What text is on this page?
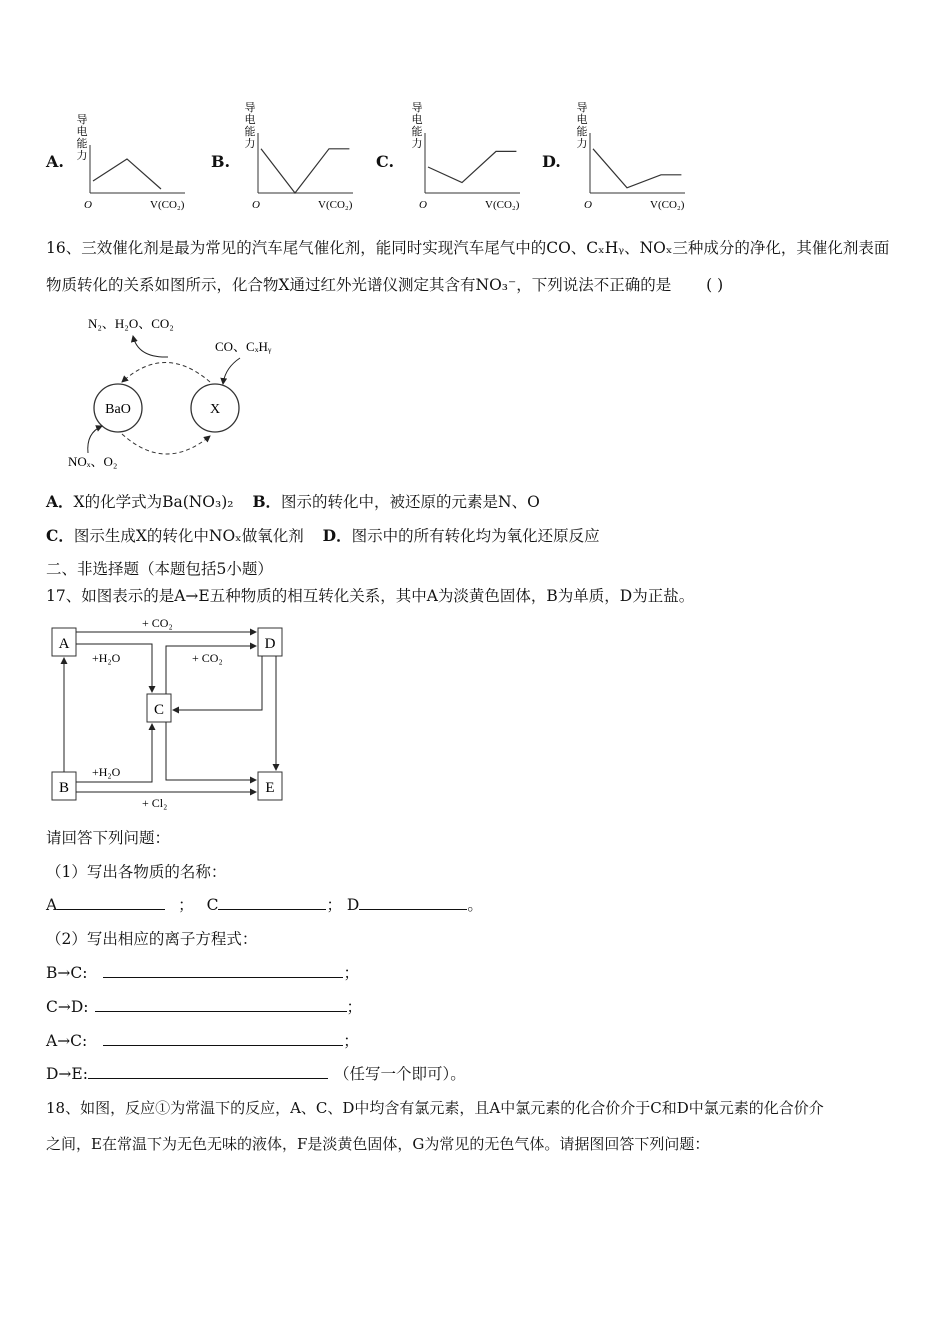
A.	B.	C.	D.
导
电
能
力
O	V(CO₂)
导
电
能
力
O	V(CO₂)
导
电
能
力
O	V(CO₂)
导
电
能
力
O	V(CO₂)
16、三效催化剂是最为常见的汽车尾气催化剂，能同时实现汽车尾气中的CO、CₓHᵧ、NOₓ三种成分的净化，其催化剂表面
物质转化的关系如图所示，化合物X通过红外光谱仪测定其含有NO₃⁻，下列说法不正确的是 ( )
N₂、H₂O、CO₂
CO、CₓHᵧ
BaO	X
NOₓ、O₂
A．X的化学式为Ba(NO₃)₂ B．图示的转化中，被还原的元素是N、O
C．图示生成X的转化中NOₓ做氧化剂 D．图示中的所有转化均为氧化还原反应
二、非选择题（本题包括5小题）
17、如图表示的是A→E五种物质的相互转化关系，其中A为淡黄色固体，B为单质，D为正盐。
A	D
C
B	E
+ CO₂
+H₂O	+ CO₂
+H₂O
+ Cl₂
请回答下列问题：
（1）写出各物质的名称：
A	； C	； D	。
（2）写出相应的离子方程式：
B→C:	；
C→D:	；
A→C:	；
D→E:	（任写一个即可）。
18、如图，反应①为常温下的反应，A、C、D中均含有氯元素，且A中氯元素的化合价介于C和D中氯元素的化合价介
之间，E在常温下为无色无味的液体，F是淡黄色固体，G为常见的无色气体。请据图回答下列问题：
